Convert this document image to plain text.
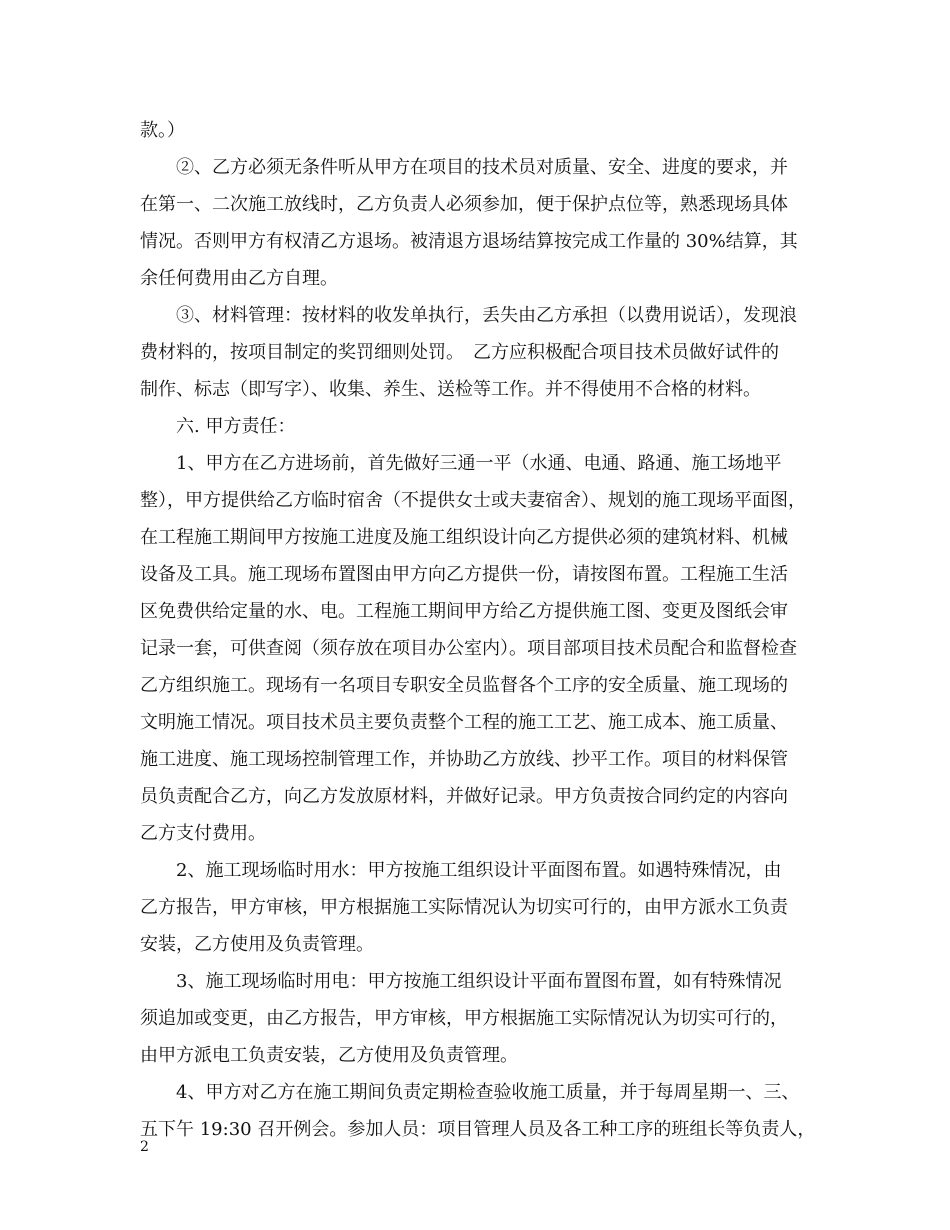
款。）
②、乙方必须无条件听从甲方在项目的技术员对质量、安全、进度的要求，并
在第一、二次施工放线时，乙方负责人必须参加，便于保护点位等，熟悉现场具体
情况。否则甲方有权清乙方退场。被清退方退场结算按完成工作量的 30%结算，其
余任何费用由乙方自理。
③、材料管理：按材料的收发单执行，丢失由乙方承担（以费用说话），发现浪
费材料的，按项目制定的奖罚细则处罚。　乙方应积极配合项目技术员做好试件的
制作、标志（即写字）、收集、养生、送检等工作。并不得使用不合格的材料。
六. 甲方责任：
1、甲方在乙方进场前，首先做好三通一平（水通、电通、路通、施工场地平
整），甲方提供给乙方临时宿舍（不提供女士或夫妻宿舍）、规划的施工现场平面图，
在工程施工期间甲方按施工进度及施工组织设计向乙方提供必须的建筑材料、机械
设备及工具。施工现场布置图由甲方向乙方提供一份，请按图布置。工程施工生活
区免费供给定量的水、电。工程施工期间甲方给乙方提供施工图、变更及图纸会审
记录一套，可供查阅（须存放在项目办公室内）。项目部项目技术员配合和监督检查
乙方组织施工。现场有一名项目专职安全员监督各个工序的安全质量、施工现场的
文明施工情况。项目技术员主要负责整个工程的施工工艺、施工成本、施工质量、
施工进度、施工现场控制管理工作，并协助乙方放线、抄平工作。项目的材料保管
员负责配合乙方，向乙方发放原材料，并做好记录。甲方负责按合同约定的内容向
乙方支付费用。
2、施工现场临时用水：甲方按施工组织设计平面图布置。如遇特殊情况，由
乙方报告，甲方审核，甲方根据施工实际情况认为切实可行的，由甲方派水工负责
安装，乙方使用及负责管理。
3、施工现场临时用电：甲方按施工组织设计平面布置图布置，如有特殊情况
须追加或变更，由乙方报告，甲方审核，甲方根据施工实际情况认为切实可行的，
由甲方派电工负责安装，乙方使用及负责管理。
4、甲方对乙方在施工期间负责定期检查验收施工质量，并于每周星期一、三、
五下午 19:30 召开例会。参加人员：项目管理人员及各工种工序的班组长等负责人，
2
